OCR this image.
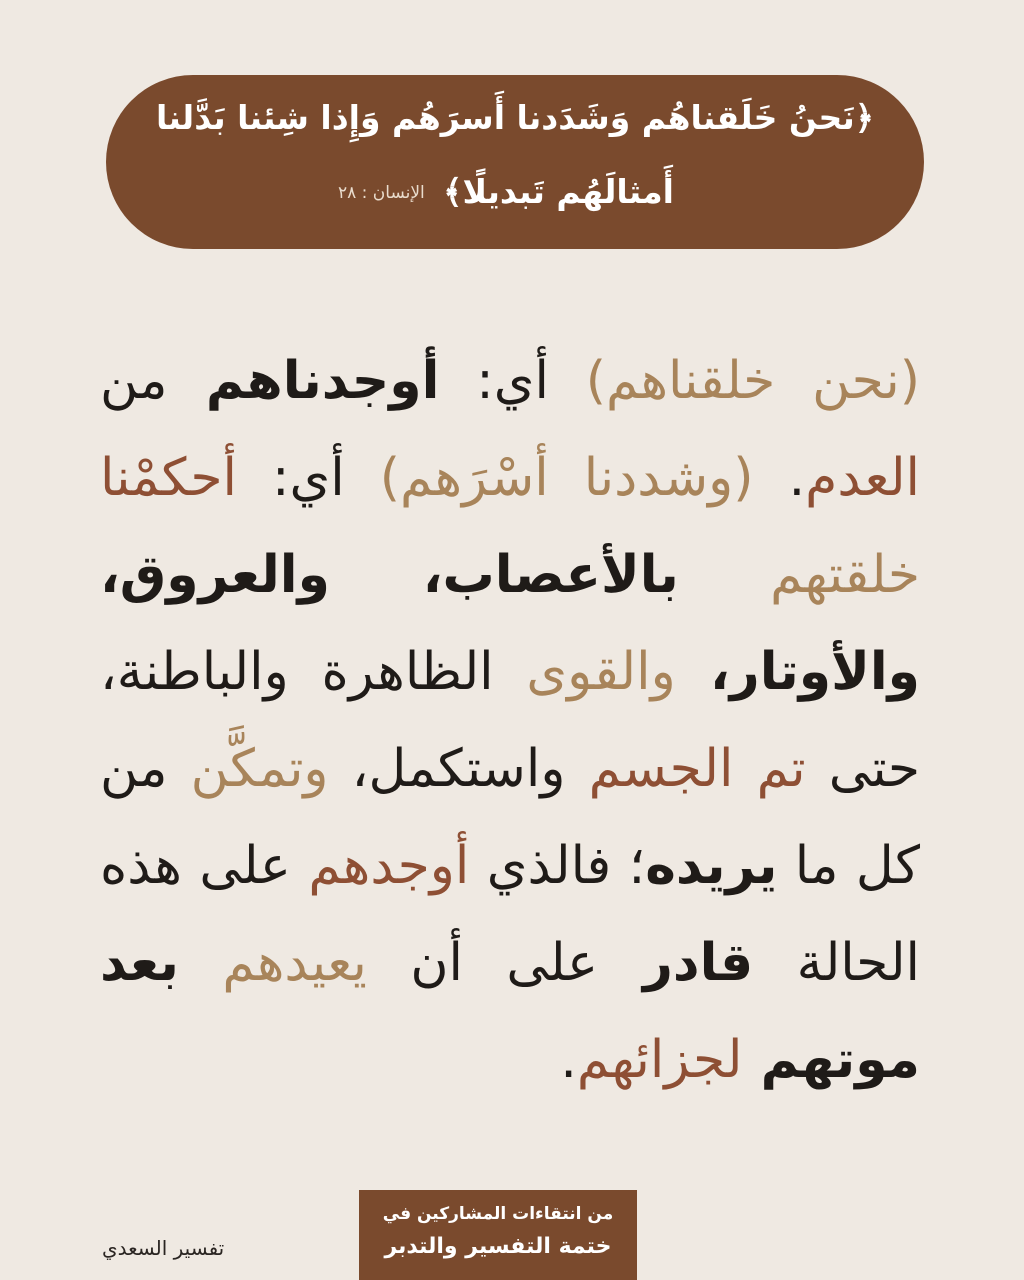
﴿نَحنُ خَلَقناهُم وَشَدَدنا أَسرَهُم وَإِذا شِئنا بَدَّلنا
أَمثالَهُم تَبديلًا﴾
الإنسان : ٢٨
(نحن خلقناهم) أي: أوجدناهم من العدم. (وشددنا أسْرَهم) أي: أحكمْنا خلقتهم بالأعصاب، والعروق، والأوتار، والقوى الظاهرة والباطنة، حتى تم الجسم واستكمل، وتمكَّن من كل ما يريده؛ فالذي أوجدهم على هذه الحالة قادر على أن يعيدهم بعد موتهم لجزائهم.
تفسير السعدي
من انتقاءات المشاركين في
ختمة التفسير والتدبر
